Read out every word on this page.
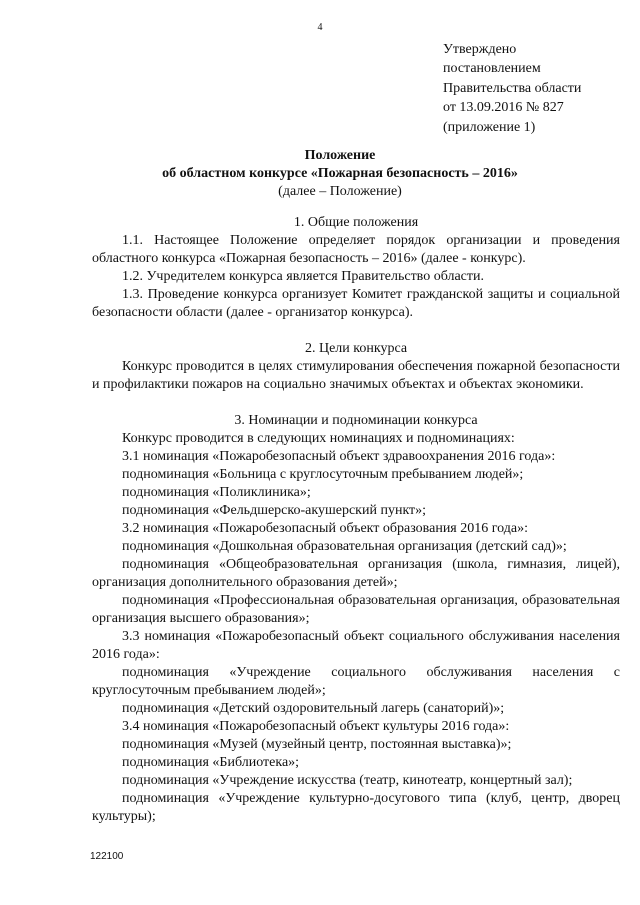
4
Утверждено
постановлением
Правительства области
от 13.09.2016 № 827
(приложение 1)
Положение
об областном конкурсе «Пожарная безопасность – 2016»
(далее – Положение)
1. Общие положения

1.1. Настоящее Положение определяет порядок организации и проведения областного конкурса «Пожарная безопасность – 2016» (далее - конкурс).

1.2. Учредителем конкурса является Правительство области.

1.3. Проведение конкурса организует Комитет гражданской защиты и социальной безопасности области (далее - организатор конкурса).

2. Цели конкурса

Конкурс проводится в целях стимулирования обеспечения пожарной безопасности и профилактики пожаров на социально значимых объектах и объектах экономики.

3. Номинации и подноминации конкурса

Конкурс проводится в следующих номинациях и подноминациях:

3.1 номинация «Пожаробезопасный объект здравоохранения 2016 года»:

подноминация «Больница с круглосуточным пребыванием людей»;

подноминация «Поликлиника»;

подноминация «Фельдшерско-акушерский пункт»;

3.2 номинация «Пожаробезопасный объект образования 2016 года»:

подноминация «Дошкольная образовательная организация (детский сад)»;

подноминация «Общеобразовательная организация (школа, гимназия, лицей), организация дополнительного образования детей»;

подноминация «Профессиональная образовательная организация, образовательная организация высшего образования»;

3.3 номинация «Пожаробезопасный объект социального обслуживания населения 2016 года»:

подноминация «Учреждение социального обслуживания населения с круглосуточным пребыванием людей»;

подноминация «Детский оздоровительный лагерь (санаторий)»;

3.4 номинация «Пожаробезопасный объект культуры 2016 года»:

подноминация «Музей (музейный центр, постоянная выставка)»;

подноминация «Библиотека»;

подноминация «Учреждение искусства (театр, кинотеатр, концертный зал);

подноминация «Учреждение культурно-досугового типа (клуб, центр, дворец культуры);

122100
